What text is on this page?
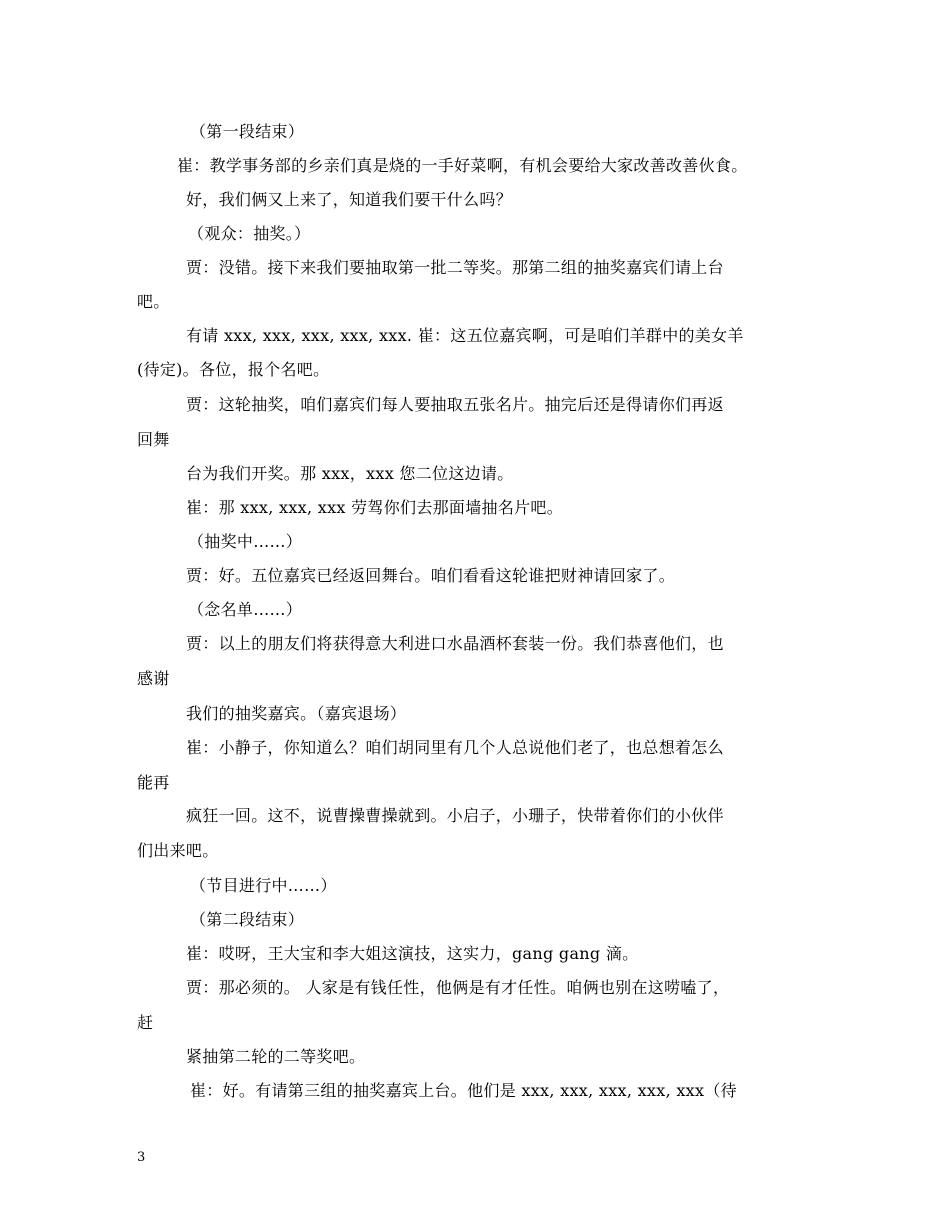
（第一段结束）
崔：教学事务部的乡亲们真是烧的一手好菜啊，有机会要给大家改善改善伙食。
好，我们俩又上来了，知道我们要干什么吗？
（观众：抽奖。）
贾：没错。接下来我们要抽取第一批二等奖。那第二组的抽奖嘉宾们请上台
吧。
有请 xxx, xxx, xxx, xxx, xxx. 崔：这五位嘉宾啊，可是咱们羊群中的美女羊
(待定)。各位，报个名吧。
贾：这轮抽奖，咱们嘉宾们每人要抽取五张名片。抽完后还是得请你们再返
回舞
台为我们开奖。那 xxx，xxx 您二位这边请。
崔：那 xxx, xxx, xxx 劳驾你们去那面墙抽名片吧。
（抽奖中……）
贾：好。五位嘉宾已经返回舞台。咱们看看这轮谁把财神请回家了。
（念名单……）
贾：以上的朋友们将获得意大利进口水晶酒杯套装一份。我们恭喜他们，也
感谢
我们的抽奖嘉宾。（嘉宾退场）
崔：小静子，你知道么？咱们胡同里有几个人总说他们老了，也总想着怎么
能再
疯狂一回。这不，说曹操曹操就到。小启子，小珊子，快带着你们的小伙伴
们出来吧。
（节目进行中……）
（第二段结束）
崔：哎呀，王大宝和李大姐这演技，这实力，gang gang 滴。
贾：那必须的。 人家是有钱任性，他俩是有才任性。咱俩也别在这唠嗑了，
赶
紧抽第二轮的二等奖吧。
崔：好。有请第三组的抽奖嘉宾上台。他们是 xxx, xxx, xxx, xxx, xxx（待
3
